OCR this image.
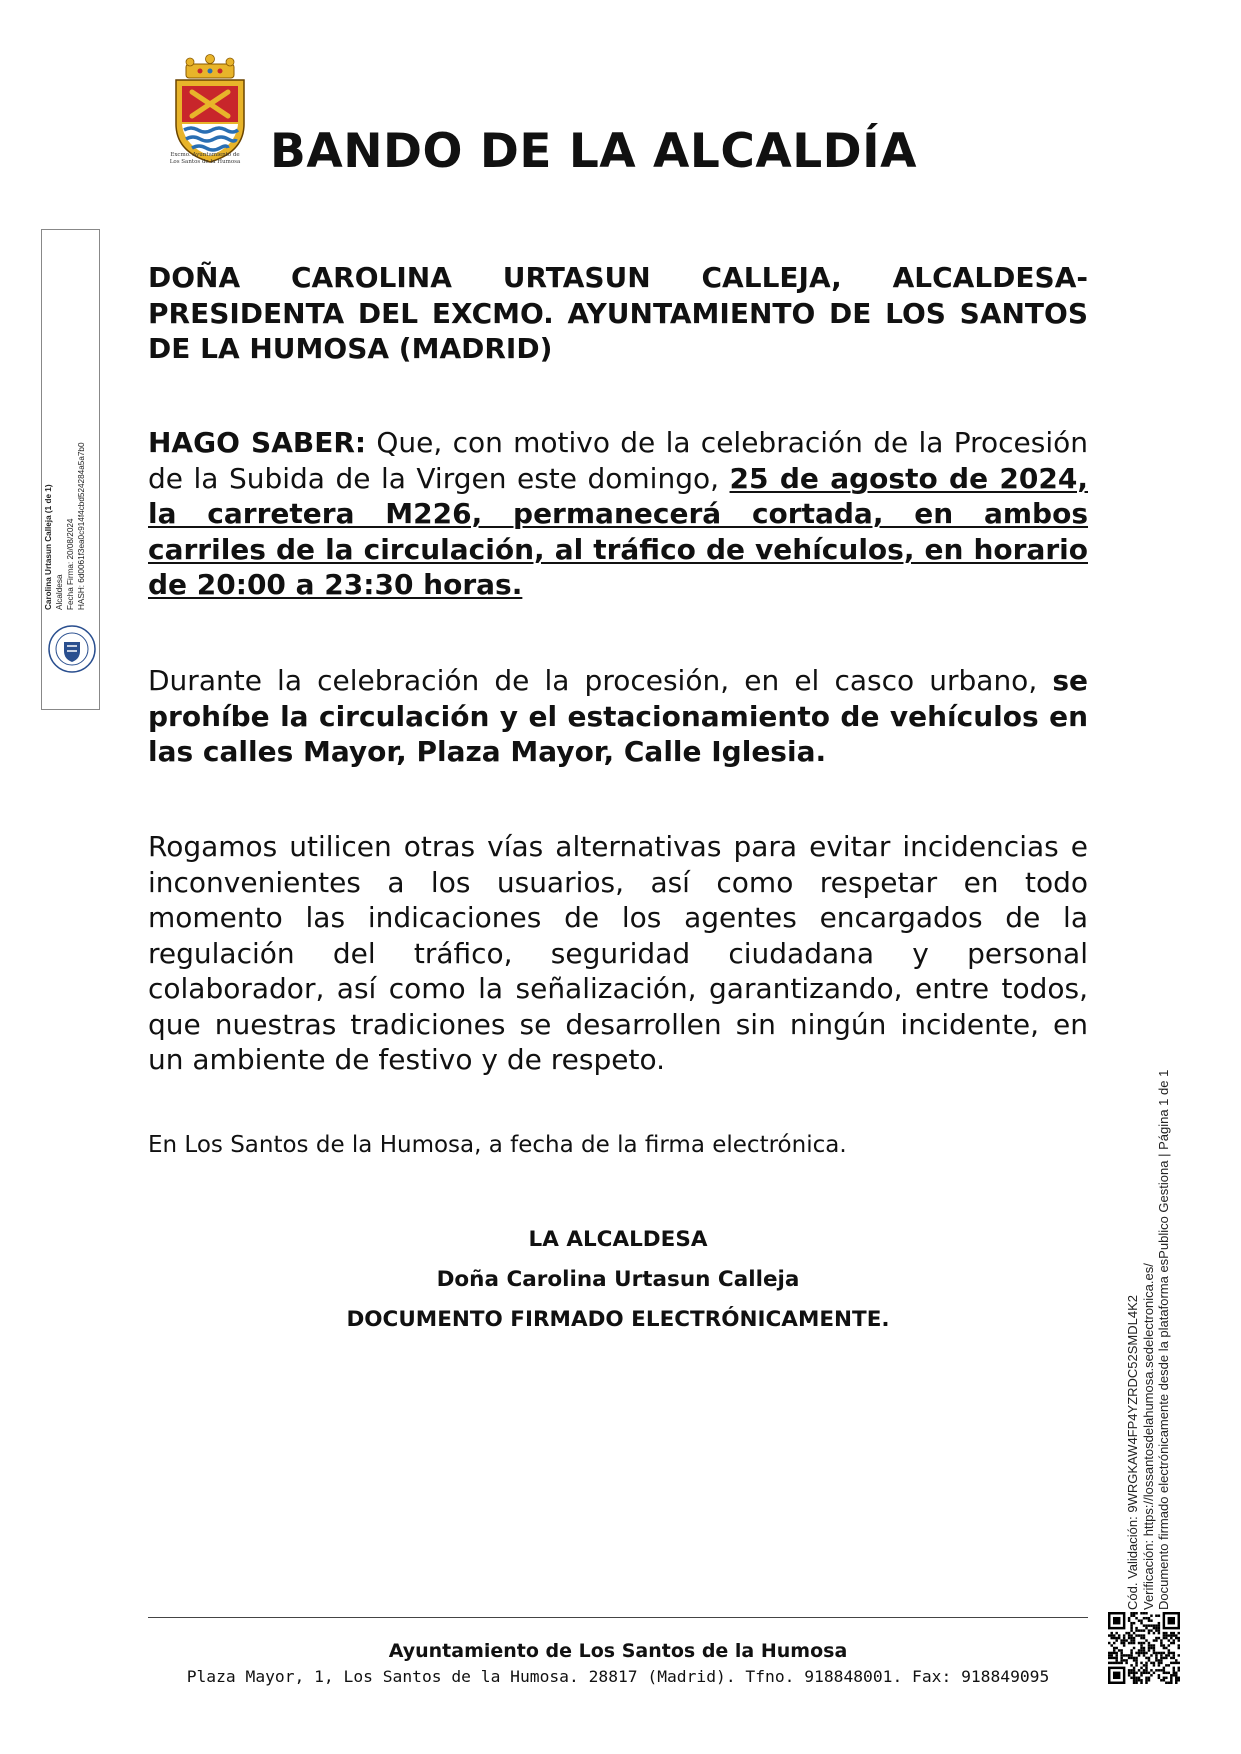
Excmo. Ayuntamiento de
Los Santos de la Humosa BANDO DE LA ALCALDÍA
Carolina Urtasun Calleja (1 de 1) Alcaldesa Fecha Firma: 20/08/2024 HASH: 6d0061f3ea0c914f4cbd52428​4a5a7b0

DOÑA CAROLINA URTASUN CALLEJA, ALCALDESA-PRESIDENTA DEL EXCMO. AYUNTAMIENTO DE LOS SANTOS DE LA HUMOSA (MADRID)

HAGO SABER: Que, con motivo de la celebración de la Procesión de la Subida de la Virgen este domingo, 25 de agosto de 2024, la carretera M226, permanecerá cortada, en ambos carriles de la circulación, al tráfico de vehículos, en horario de 20:00 a 23:30 horas.

Durante la celebración de la procesión, en el casco urbano, se prohíbe la circulación y el estacionamiento de vehículos en las calles Mayor, Plaza Mayor, Calle Iglesia.

Rogamos utilicen otras vías alternativas para evitar incidencias e inconvenientes a los usuarios, así como respetar en todo momento las indicaciones de los agentes encargados de la regulación del tráfico, seguridad ciudadana y personal colaborador, así como la señalización, garantizando, entre todos, que nuestras tradiciones se desarrollen sin ningún incidente, en un ambiente de festivo y de respeto.

En Los Santos de la Humosa, a fecha de la firma electrónica.

LA ALCALDESA
Doña Carolina Urtasun Calleja
DOCUMENTO FIRMADO ELECTRÓNICAMENTE.	Cód. Validación: 9WRGKAW4FP4YZRDC52SMDL4K2 Verificación: https://lossantosdelahumosa.sedelectronica.es/ Documento firmado electrónicamente desde la plataforma esPublico Gestiona | Página 1 de 1

Ayuntamiento de Los Santos de la Humosa

Plaza Mayor, 1, Los Santos de la Humosa. 28817 (Madrid). Tfno. 918848001. Fax: 918849095
